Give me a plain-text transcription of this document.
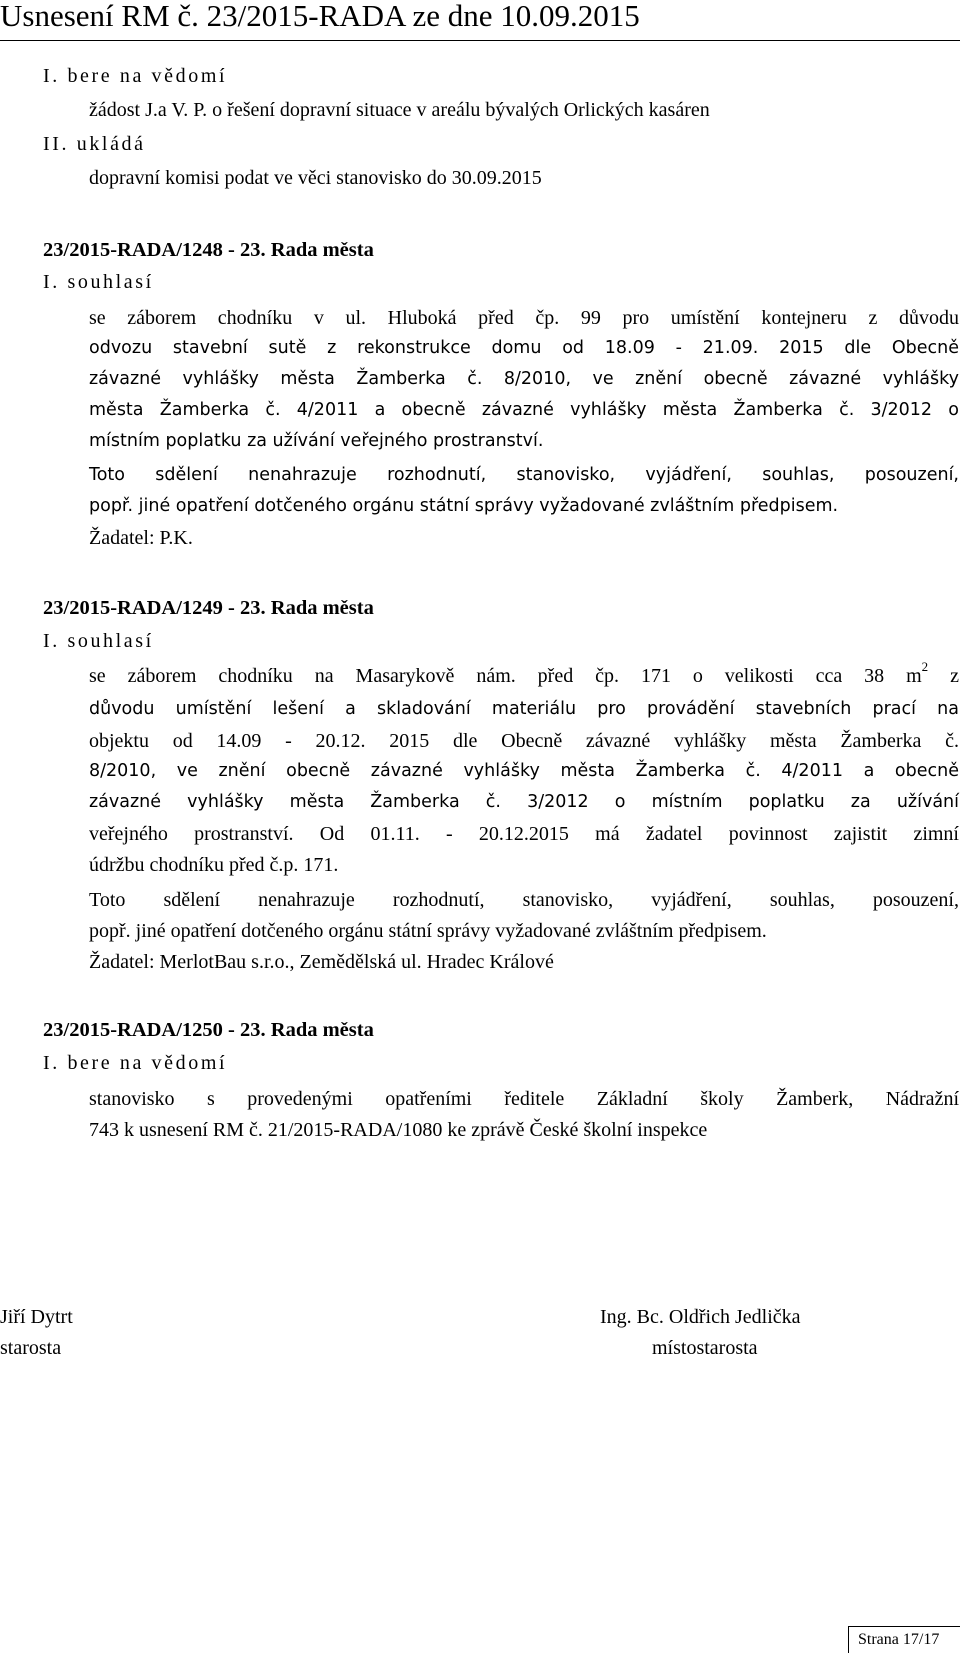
Usnesení RM č. 23/2015-RADA ze dne 10.09.2015
I. bere na vědomí
žádost J.a V. P. o řešení dopravní situace v areálu bývalých Orlických kasáren
II. ukládá
dopravní komisi podat ve věci stanovisko do 30.09.2015
23/2015-RADA/1248 - 23. Rada města
I. souhlasí
se záborem chodníku v ul. Hluboká před čp. 99 pro umístění kontejneru z důvodu
odvozu stavební sutě z rekonstrukce domu od 18.09 - 21.09. 2015 dle Obecně
závazné vyhlášky města Žamberka č. 8/2010, ve znění obecně závazné vyhlášky
města Žamberka č. 4/2011 a obecně závazné vyhlášky města Žamberka č. 3/2012 o
místním poplatku za užívání veřejného prostranství.
Toto sdělení nenahrazuje rozhodnutí, stanovisko, vyjádření, souhlas, posouzení,
popř. jiné opatření dotčeného orgánu státní správy vyžadované zvláštním předpisem.
Žadatel: P.K.
23/2015-RADA/1249 - 23. Rada města
I. souhlasí
se záborem chodníku na Masarykově nám. před čp. 171 o velikosti cca 38 $m^2$ z
důvodu umístění lešení a skladování materiálu pro provádění stavebních prací na
objektu od 14.09 - 20.12. 2015 dle Obecně závazné vyhlášky města Žamberka č.
8/2010, ve znění obecně závazné vyhlášky města Žamberka č. 4/2011 a obecně
závazné vyhlášky města Žamberka č. 3/2012 o místním poplatku za užívání
veřejného prostranství. Od 01.11. - 20.12.2015 má žadatel povinnost zajistit zimní
údržbu chodníku před č.p. 171.
Toto sdělení nenahrazuje rozhodnutí, stanovisko, vyjádření, souhlas, posouzení,
popř. jiné opatření dotčeného orgánu státní správy vyžadované zvláštním předpisem.
Žadatel: MerlotBau s.r.o., Zemědělská ul. Hradec Králové
23/2015-RADA/1250 - 23. Rada města
I. bere na vědomí
stanovisko s provedenými opatřeními ředitele Základní školy Žamberk, Nádražní
743 k usnesení RM č. 21/2015-RADA/1080 ke zprávě České školní inspekce
Jiří Dytrt
starosta
Ing. Bc. Oldřich Jedlička
místostarosta
Strana 17/17
